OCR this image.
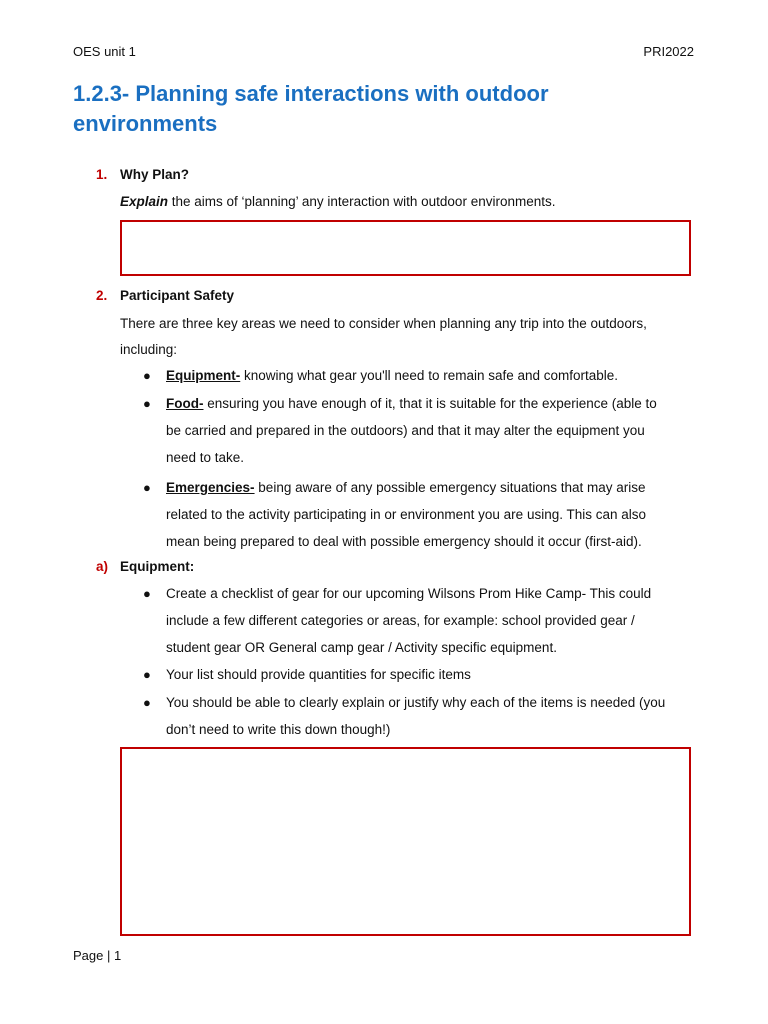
OES unit 1	PRI2022
1.2.3- Planning safe interactions with outdoor environments
1. Why Plan?
Explain the aims of ‘planning’ any interaction with outdoor environments.
2. Participant Safety
There are three key areas we need to consider when planning any trip into the outdoors,
including:
● Equipment- knowing what gear you'll need to remain safe and comfortable.
● Food- ensuring you have enough of it, that it is suitable for the experience (able to
be carried and prepared in the outdoors) and that it may alter the equipment you
need to take.
● Emergencies- being aware of any possible emergency situations that may arise
related to the activity participating in or environment you are using. This can also
mean being prepared to deal with possible emergency should it occur (first-aid).
a) Equipment:
● Create a checklist of gear for our upcoming Wilsons Prom Hike Camp- This could
include a few different categories or areas, for example: school provided gear /
student gear OR General camp gear / Activity specific equipment.
● Your list should provide quantities for specific items
● You should be able to clearly explain or justify why each of the items is needed (you
don’t need to write this down though!)
Page | 1
